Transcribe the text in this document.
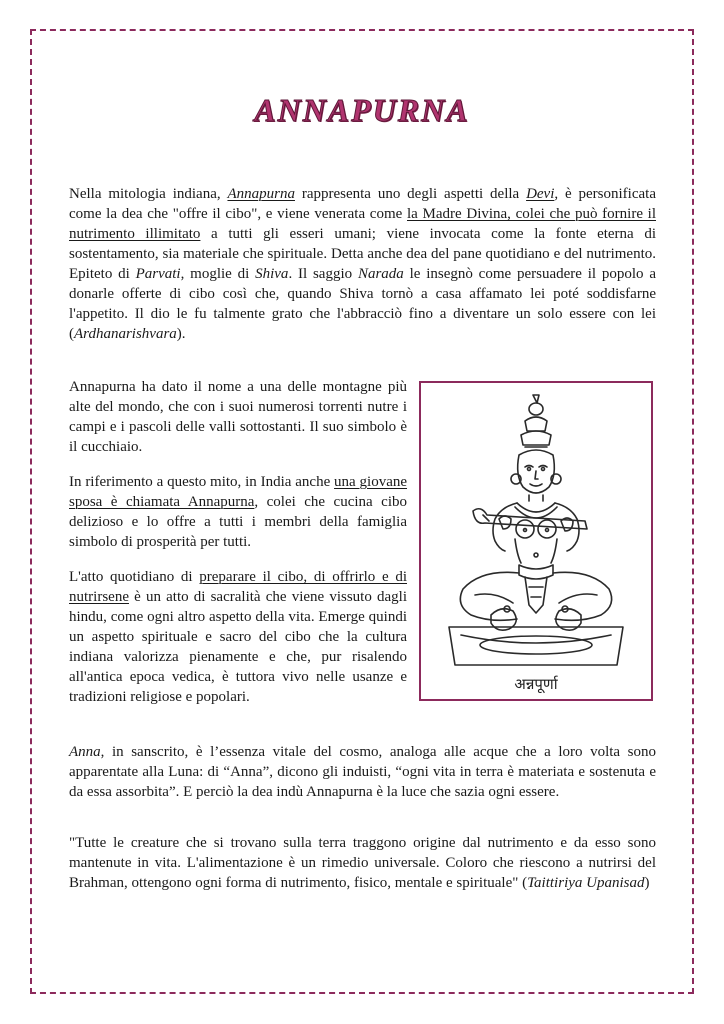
ANNAPURNA

Nella mitologia indiana, Annapurna rappresenta uno degli aspetti della Devi, è personificata come la dea che "offre il cibo", e viene venerata come la Madre Divina, colei che può fornire il nutrimento illimitato a tutti gli esseri umani; viene invocata come la fonte eterna di sostentamento, sia materiale che spirituale. Detta anche dea del pane quotidiano e del nutrimento. Epiteto di Parvati, moglie di Shiva. Il saggio Narada le insegnò come persuadere il popolo a donarle offerte di cibo così che, quando Shiva tornò a casa affamato lei poté soddisfarne l'appetito. Il dio le fu talmente grato che l'abbracciò fino a diventare un solo essere con lei (Ardhanarishvara).

Annapurna ha dato il nome a una delle montagne più alte del mondo, che con i suoi numerosi torrenti nutre i campi e i pascoli delle valli sottostanti. Il suo simbolo è il cucchiaio.

In riferimento a questo mito, in India anche una giovane sposa è chiamata Annapurna, colei che cucina cibo delizioso e lo offre a tutti i membri della famiglia simbolo di prosperità per tutti.

L'atto quotidiano di preparare il cibo, di offrirlo e di nutrirsene è un atto di sacralità che viene vissuto dagli hindu, come ogni altro aspetto della vita. Emerge quindi un aspetto spirituale e sacro del cibo che la cultura indiana valorizza pienamente e che, pur risalendo all'antica epoca vedica, è tuttora vivo nelle usanze e tradizioni religiose e popolari.

Anna, in sanscrito, è l’essenza vitale del cosmo, analoga alle acque che a loro volta sono apparentate alla Luna: di “Anna”, dicono gli induisti, “ogni vita in terra è materiata e sostenuta e da essa assorbita”. E perciò la dea indù Annapurna è la luce che sazia ogni essere.

"Tutte le creature che si trovano sulla terra traggono origine dal nutrimento e da esso sono mantenute in vita. L'alimentazione è un rimedio universale. Coloro che riescono a nutrirsi del Brahman, ottengono ogni forma di nutrimento, fisico, mentale e spirituale" (Taittiriya Upanisad)

अन्नपूर्णा
